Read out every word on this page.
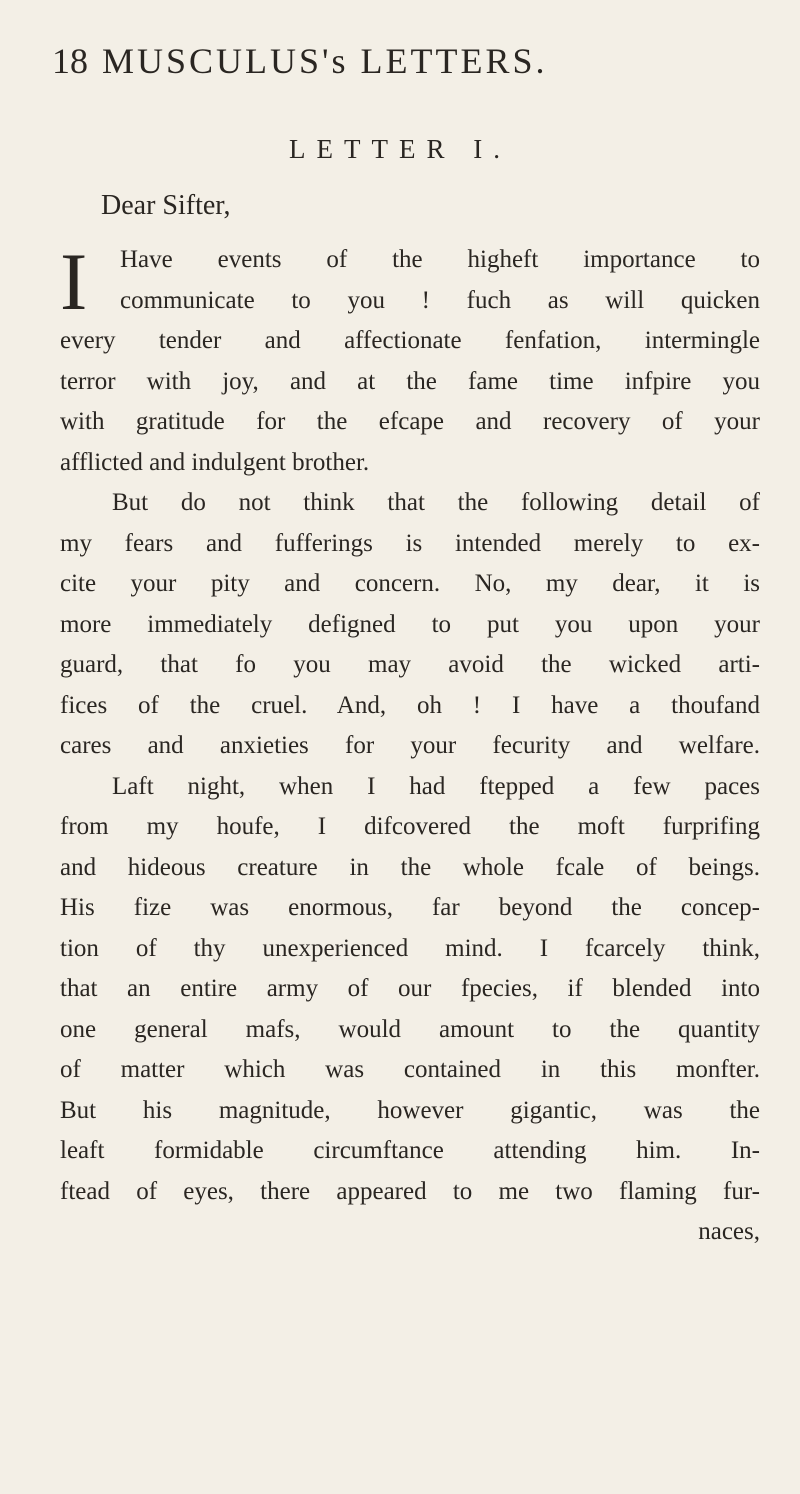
18 MUSCULUS's LETTERS.
LETTER I.
Dear Sifter,
I	Have events of the higheft importance to
communicate to you ! fuch as will quicken
every tender and affectionate fenfation, intermingle
terror with joy, and at the fame time infpire you
with gratitude for the efcape and recovery of your
afflicted and indulgent brother.
But do not think that the following detail of
my fears and fufferings is intended merely to ex-
cite your pity and concern. No, my dear, it is
more immediately defigned to put you upon your
guard, that fo you may avoid the wicked arti-
fices of the cruel. And, oh ! I have a thoufand
cares and anxieties for your fecurity and welfare.
Laft night, when I had ftepped a few paces
from my houfe, I difcovered the moft furprifing
and hideous creature in the whole fcale of beings.
His fize was enormous, far beyond the concep-
tion of thy unexperienced mind. I fcarcely think,
that an entire army of our fpecies, if blended into
one general mafs, would amount to the quantity
of matter which was contained in this monfter.
But his magnitude, however gigantic, was the
leaft formidable circumftance attending him. In-
ftead of eyes, there appeared to me two flaming fur-
naces,
